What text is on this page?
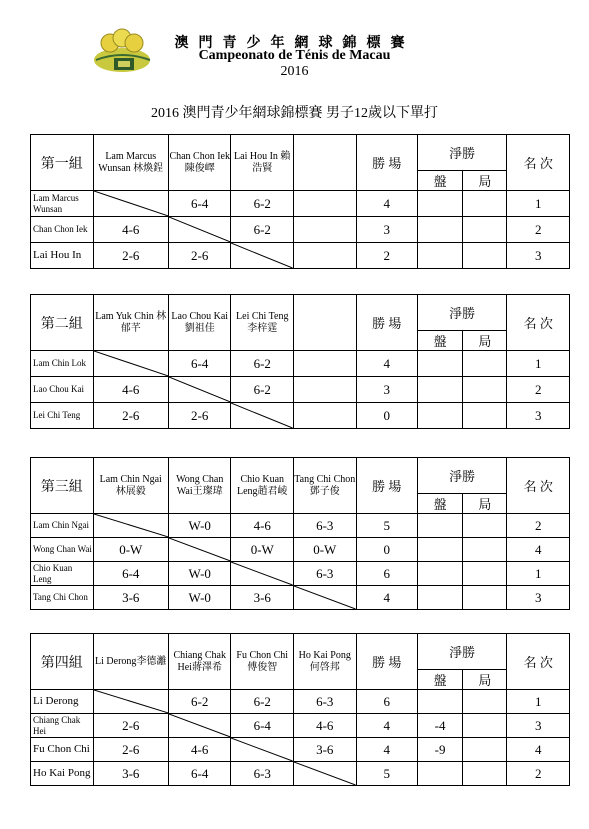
澳門青少年網球錦標賽
Campeonato de Ténis de Macau
2016
2016 澳門青少年網球錦標賽 男子12歲以下單打
第一組	Lam Marcus Wunsan 林煥鋥	Chan Chon Iek 陳俊嶧	Lai Hou In 賴浩賢		勝 場	淨勝		名 次
						盤	局	
Lam Marcus Wunsan		6-4	6-2		4			1
Chan Chon Iek	4-6		6-2		3			2
Lai Hou In	2-6	2-6			2			3
第二組	Lam Yuk Chin 林郁芊	Lao Chou Kai劉祖佳	Lei Chi Teng李梓霆		勝 場	淨勝		名 次
						盤	局	
Lam Chin Lok		6-4	6-2		4			1
Lao Chou Kai	4-6		6-2		3			2
Lei Chi Teng	2-6	2-6			0			3
第三組	Lam Chin Ngai 林展毅	Wong Chan Wai王璨瑋	Chio Kuan Leng趙君崚	Tang Chi Chon鄧子俊	勝 場	淨勝		名 次
						盤	局	
Lam Chin Ngai		W-0	4-6	6-3	5			2
Wong Chan Wai	0-W		0-W	0-W	0			4
Chio Kuan Leng	6-4	W-0		6-3	6			1
Tang Chi Chon	3-6	W-0	3-6		4			3
第四組	Li Derong李德灕	Chiang Chak Hei蔣澤希	Fu Chon Chi傅俊智	Ho Kai Pong何啓邦	勝 場	淨勝		名 次
						盤	局	
Li Derong		6-2	6-2	6-3	6			1
Chiang Chak Hei	2-6		6-4	4-6	4	-4		3
Fu Chon Chi	2-6	4-6		3-6	4	-9		4
Ho Kai Pong	3-6	6-4	6-3		5			2
